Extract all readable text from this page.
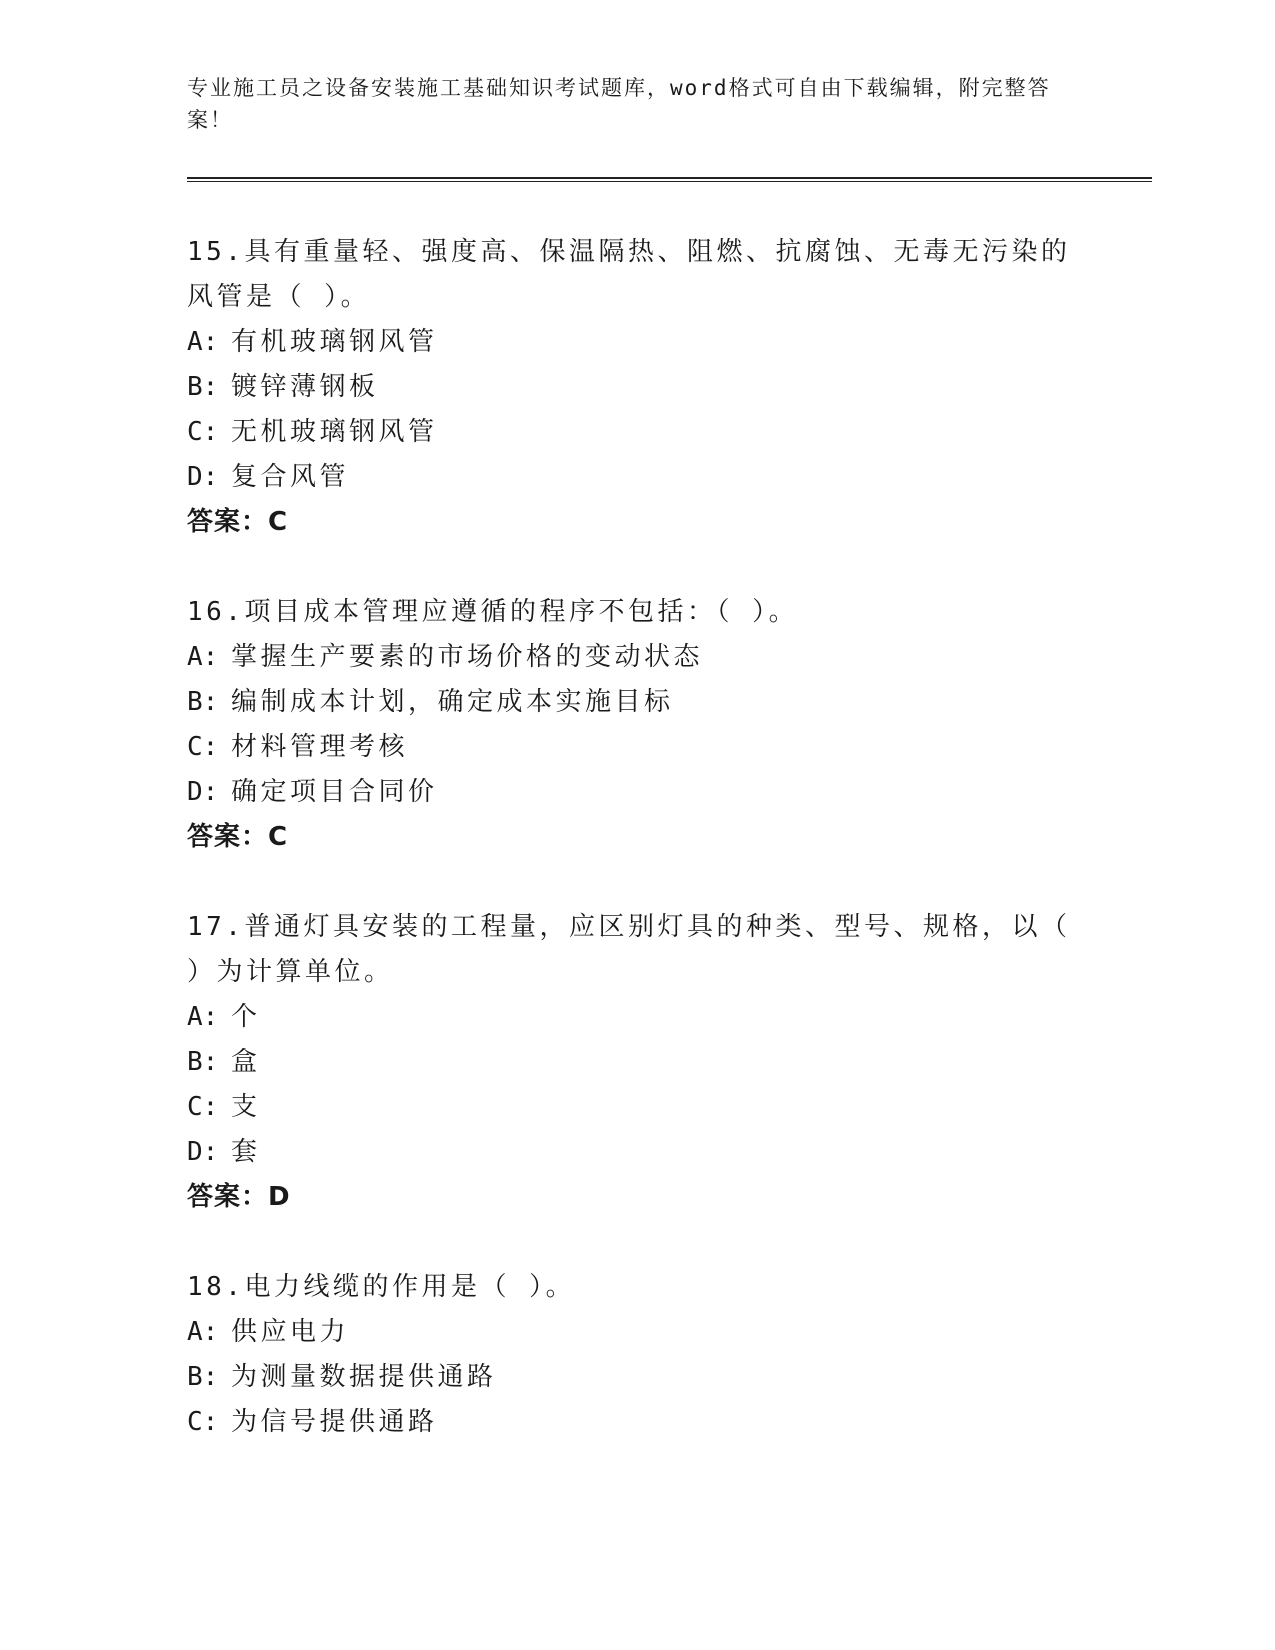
专业施工员之设备安装施工基础知识考试题库，word格式可自由下载编辑，附完整答案！

15.具有重量轻、强度高、保温隔热、阻燃、抗腐蚀、无毒无污染的风管是（ ）。

A: 有机玻璃钢风管
B: 镀锌薄钢板
C: 无机玻璃钢风管
D: 复合风管

答案：C

16.项目成本管理应遵循的程序不包括：（ ）。

A: 掌握生产要素的市场价格的变动状态
B: 编制成本计划，确定成本实施目标
C: 材料管理考核
D: 确定项目合同价

答案：C

17.普通灯具安装的工程量，应区别灯具的种类、型号、规格，以（ ）为计算单位。

A: 个
B: 盒
C: 支
D: 套

答案：D

18.电力线缆的作用是（ ）。

A: 供应电力
B: 为测量数据提供通路
C: 为信号提供通路
